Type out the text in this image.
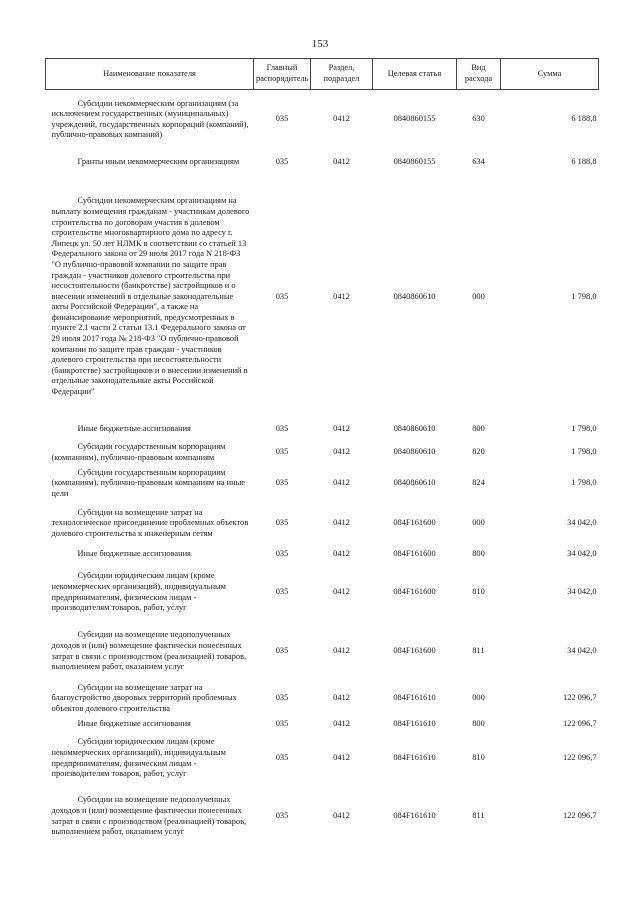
153
Наименование показателя	Главный распорядитель	Раздел, подраздел	Целевая статья	Вид расхода	Сумма
Субсидии некоммерческим организациям (за исключением государственных (муниципальных) учреждений, государственных корпораций (компаний), публично-правовых компаний)	035	0412	0840860155	630	6 188,8
Гранты иным некоммерческим организациям	035	0412	0840860155	634	6 188,8
Субсидии некоммерческим организациям на выплату возмещения гражданам - участникам долевого строительства по договорам участия в долевом строительстве многоквартирного дома по адресу г. Липецк ул. 50 лет НЛМК в соответствии со статьей 13 Федерального закона от 29 июля 2017 года N 218-ФЗ "О публично-правовой компании по защите прав граждан - участников долевого строительства при несостоятельности (банкротстве) застройщиков и о внесении изменений в отдельные законодательные акты Российской Федерации", а также на финансирование мероприятий, предусмотренных в пункте 2.1 части 2 статьи 13.1 Федерального закона от 29 июля 2017 года № 218-ФЗ "О публично-правовой компании по защите прав граждан - участников долевого строительства при несостоятельности (банкротстве) застройщиков и о внесении изменений в отдельные законодательные акты Российской Федерации"	035	0412	0840860610	000	1 798,0
Иные бюджетные ассигнования	035	0412	0840860610	800	1 798,0
Субсидии государственным корпорациям (компаниям), публично-правовым компаниям	035	0412	0840860610	820	1 798,0
Субсидии государственным корпорациям (компаниям), публично-правовым компаниям на иные цели	035	0412	0840860610	824	1 798,0
Субсидии на возмещение затрат на технологическое присоединение проблемных объектов долевого строительства к инженерным сетям	035	0412	084F161600	000	34 042,0
Иные бюджетные ассигнования	035	0412	084F161600	800	34 042,0
Субсидии юридическим лицам (кроме некоммерческих организаций), индивидуальным предпринимателям, физическим лицам - производителям товаров, работ, услуг	035	0412	084F161600	810	34 042,0
Субсидии на возмещение недополученных доходов и (или) возмещение фактически понесенных затрат в связи с производством (реализацией) товаров, выполнением работ, оказанием услуг	035	0412	084F161600	811	34 042,0
Субсидии на возмещение затрат на благоустройство дворовых территорий проблемных объектов долевого строительства	035	0412	084F161610	000	122 096,7
Иные бюджетные ассигнования	035	0412	084F161610	800	122 096,7
Субсидии юридическим лицам (кроме некоммерческих организаций), индивидуальным предпринимателям, физическим лицам - производителям товаров, работ, услуг	035	0412	084F161610	810	122 096,7
Субсидии на возмещение недополученных доходов и (или) возмещение фактически понесенных затрат в связи с производством (реализацией) товаров, выполнением работ, оказанием услуг	035	0412	084F161610	811	122 096,7
